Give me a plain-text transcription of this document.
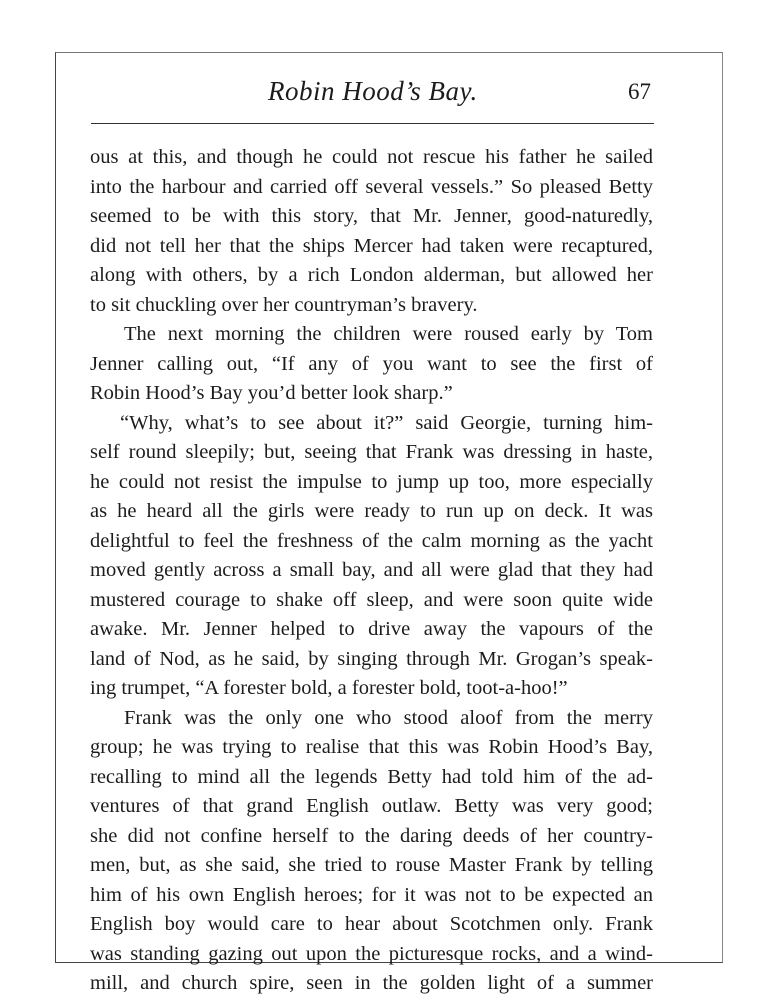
Robin Hood’s Bay.	67
ous at this, and though he could not rescue his father he sailed
into the harbour and carried off several vessels.” So pleased Betty
seemed to be with this story, that Mr. Jenner, good-naturedly,
did not tell her that the ships Mercer had taken were recaptured,
along with others, by a rich London alderman, but allowed her
to sit chuckling over her countryman’s bravery.
The next morning the children were roused early by Tom
Jenner calling out, “If any of you want to see the first of
Robin Hood’s Bay you’d better look sharp.”
“Why, what’s to see about it?” said Georgie, turning him-
self round sleepily; but, seeing that Frank was dressing in haste,
he could not resist the impulse to jump up too, more especially
as he heard all the girls were ready to run up on deck. It was
delightful to feel the freshness of the calm morning as the yacht
moved gently across a small bay, and all were glad that they had
mustered courage to shake off sleep, and were soon quite wide
awake. Mr. Jenner helped to drive away the vapours of the
land of Nod, as he said, by singing through Mr. Grogan’s speak-
ing trumpet, “A forester bold, a forester bold, toot-a-hoo!”
Frank was the only one who stood aloof from the merry
group; he was trying to realise that this was Robin Hood’s Bay,
recalling to mind all the legends Betty had told him of the ad-
ventures of that grand English outlaw. Betty was very good;
she did not confine herself to the daring deeds of her country-
men, but, as she said, she tried to rouse Master Frank by telling
him of his own English heroes; for it was not to be expected an
English boy would care to hear about Scotchmen only. Frank
was standing gazing out upon the picturesque rocks, and a wind-
mill, and church spire, seen in the golden light of a summer
